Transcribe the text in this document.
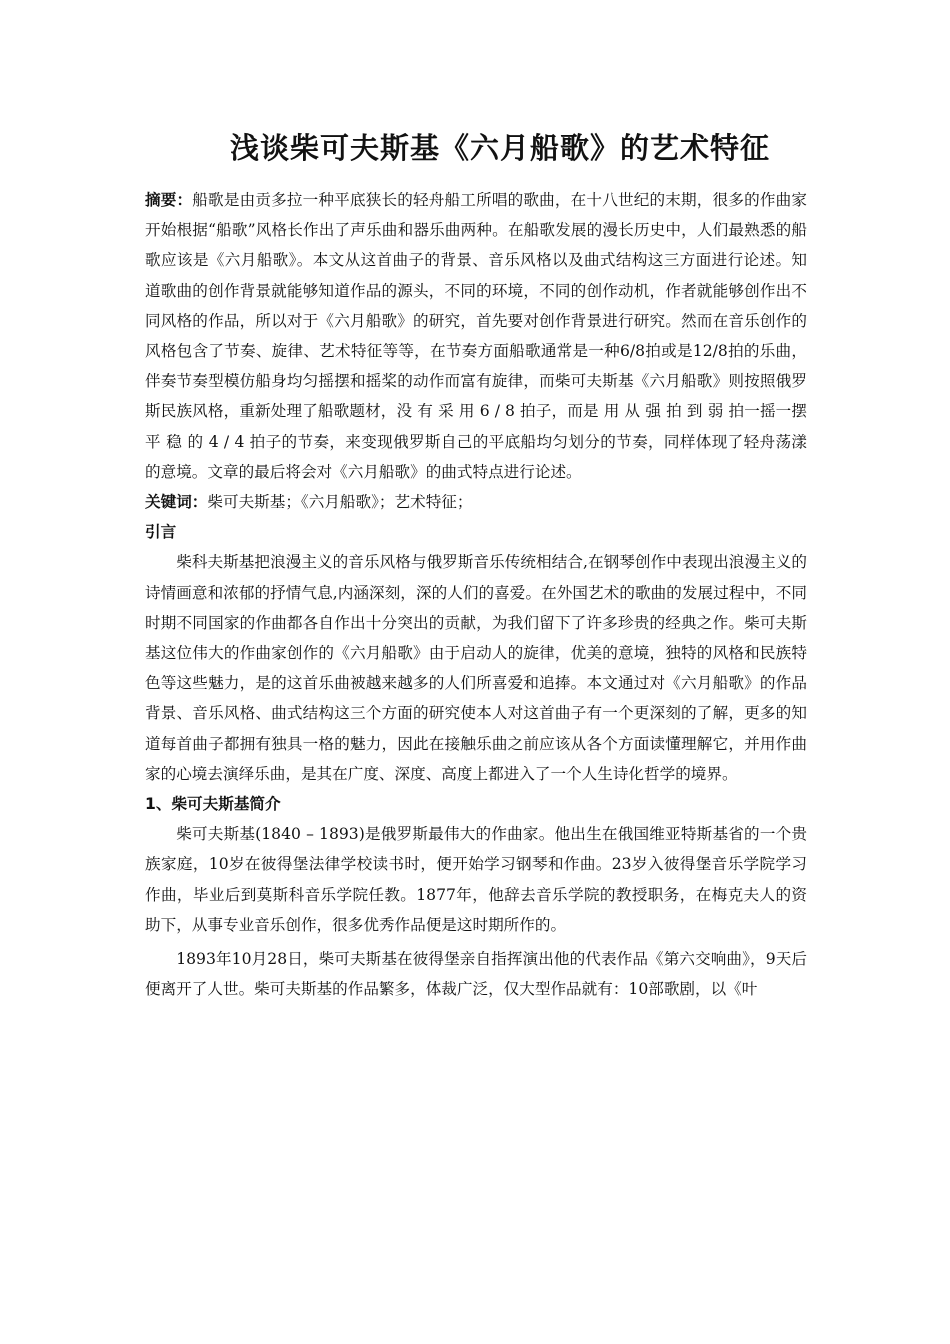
浅谈柴可夫斯基《六月船歌》的艺术特征

摘要：船歌是由贡多拉一种平底狭长的轻舟船工所唱的歌曲，在十八世纪的末期，很多的作曲家开始根据“船歌”风格长作出了声乐曲和器乐曲两种。在船歌发展的漫长历史中，人们最熟悉的船歌应该是《六月船歌》。本文从这首曲子的背景、音乐风格以及曲式结构这三方面进行论述。知道歌曲的创作背景就能够知道作品的源头，不同的环境，不同的创作动机，作者就能够创作出不同风格的作品，所以对于《六月船歌》的研究，首先要对创作背景进行研究。然而在音乐创作的风格包含了节奏、旋律、艺术特征等等，在节奏方面船歌通常是一种6/8拍或是12/8拍的乐曲，伴奏节奏型模仿船身均匀摇摆和摇桨的动作而富有旋律，而柴可夫斯基《六月船歌》则按照俄罗斯民族风格，重新处理了船歌题材，没 有 采 用 6 / 8 拍子，而是 用 从 强 拍 到 弱 拍一摇一摆平 稳 的 4 / 4 拍子的节奏，来变现俄罗斯自己的平底船均匀划分的节奏，同样体现了轻舟荡漾的意境。文章的最后将会对《六月船歌》的曲式特点进行论述。

关键词：柴可夫斯基；《六月船歌》；艺术特征；

引言

柴科夫斯基把浪漫主义的音乐风格与俄罗斯音乐传统相结合,在钢琴创作中表现出浪漫主义的诗情画意和浓郁的抒情气息,内涵深刻，深的人们的喜爱。在外国艺术的歌曲的发展过程中，不同时期不同国家的作曲都各自作出十分突出的贡献，为我们留下了许多珍贵的经典之作。柴可夫斯基这位伟大的作曲家创作的《六月船歌》由于启动人的旋律，优美的意境，独特的风格和民族特色等这些魅力，是的这首乐曲被越来越多的人们所喜爱和追捧。本文通过对《六月船歌》的作品背景、音乐风格、曲式结构这三个方面的研究使本人对这首曲子有一个更深刻的了解，更多的知道每首曲子都拥有独具一格的魅力，因此在接触乐曲之前应该从各个方面读懂理解它，并用作曲家的心境去演绎乐曲，是其在广度、深度、高度上都进入了一个人生诗化哲学的境界。

1、柴可夫斯基简介

柴可夫斯基(1840 – 1893)是俄罗斯最伟大的作曲家。他出生在俄国维亚特斯基省的一个贵族家庭，10岁在彼得堡法律学校读书时，便开始学习钢琴和作曲。23岁入彼得堡音乐学院学习作曲，毕业后到莫斯科音乐学院任教。1877年，他辞去音乐学院的教授职务，在梅克夫人的资助下，从事专业音乐创作，很多优秀作品便是这时期所作的。

1893年10月28日，柴可夫斯基在彼得堡亲自指挥演出他的代表作品《第六交响曲》，9天后便离开了人世。柴可夫斯基的作品繁多，体裁广泛，仅大型作品就有：10部歌剧，以《叶
